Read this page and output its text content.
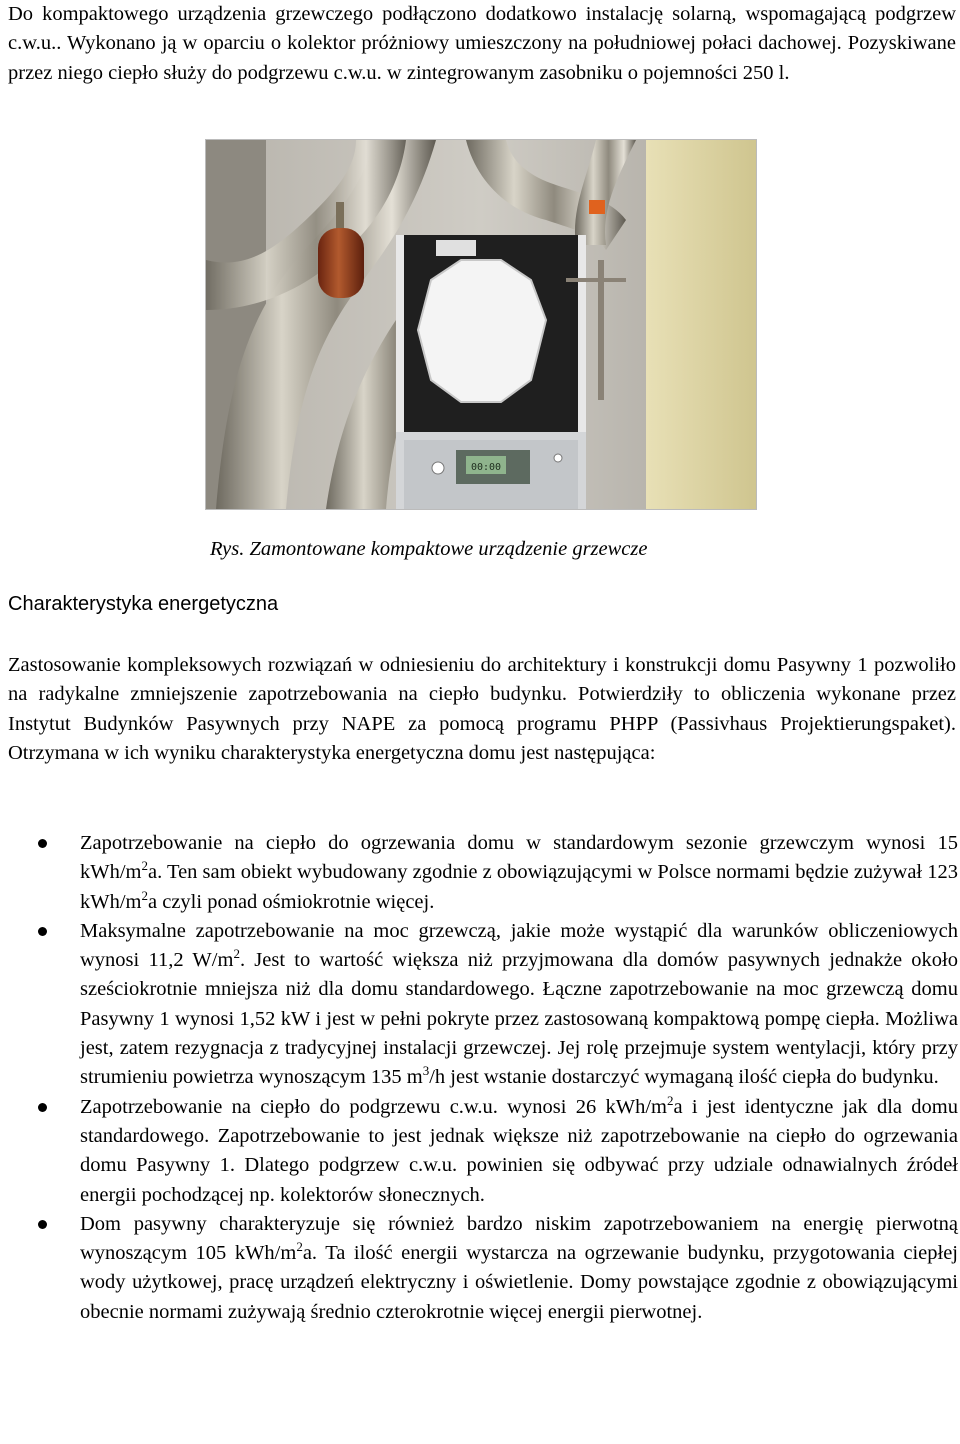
Do kompaktowego urządzenia grzewczego podłączono dodatkowo instalację solarną, wspomagającą podgrzew c.w.u.. Wykonano ją w oparciu o kolektor próżniowy umieszczony na południowej połaci dachowej. Pozyskiwane przez niego ciepło służy do podgrzewu c.w.u. w zintegrowanym zasobniku o pojemności 250 l.

00:00

Rys. Zamontowane kompaktowe urządzenie grzewcze

Charakterystyka energetyczna

Zastosowanie kompleksowych rozwiązań w odniesieniu do architektury i konstrukcji domu Pasywny 1 pozwoliło na radykalne zmniejszenie zapotrzebowania na ciepło budynku. Potwierdziły to obliczenia wykonane przez Instytut Budynków Pasywnych przy NAPE za pomocą programu PHPP (Passivhaus Projektierungspaket). Otrzymana w ich wyniku charakterystyka energetyczna domu jest następująca:

Zapotrzebowanie na ciepło do ogrzewania domu w standardowym sezonie grzewczym wynosi 15 kWh/$m^2a$. Ten sam obiekt wybudowany zgodnie z obowiązującymi w Polsce normami będzie zużywał 123 kWh/$m^2a$ czyli ponad ośmiokrotnie więcej.
Maksymalne zapotrzebowanie na moc grzewczą, jakie może wystąpić dla warunków obliczeniowych wynosi 11,2 $W/m^2$. Jest to wartość większa niż przyjmowana dla domów pasywnych jednakże około sześciokrotnie mniejsza niż dla domu standardowego. Łączne zapotrzebowanie na moc grzewczą domu Pasywny 1 wynosi 1,52 kW i jest w pełni pokryte przez zastosowaną kompaktową pompę ciepła. Możliwa jest, zatem rezygnacja z tradycyjnej instalacji grzewczej. Jej rolę przejmuje system wentylacji, który przy strumieniu powietrza wynoszącym 135 $m^3/h$ jest wstanie dostarczyć wymaganą ilość ciepła do budynku.
Zapotrzebowanie na ciepło do podgrzewu c.w.u. wynosi 26 kWh/$m^2a$ i jest identyczne jak dla domu standardowego. Zapotrzebowanie to jest jednak większe niż zapotrzebowanie na ciepło do ogrzewania domu Pasywny 1. Dlatego podgrzew c.w.u. powinien się odbywać przy udziale odnawialnych źródeł energii pochodzącej np. kolektorów słonecznych.
Dom pasywny charakteryzuje się również bardzo niskim zapotrzebowaniem na energię pierwotną wynoszącym 105 kWh/$m^2a$. Ta ilość energii wystarcza na ogrzewanie budynku, przygotowania ciepłej wody użytkowej, pracę urządzeń elektryczny i oświetlenie. Domy powstające zgodnie z obowiązującymi obecnie normami zużywają średnio czterokrotnie więcej energii pierwotnej.
